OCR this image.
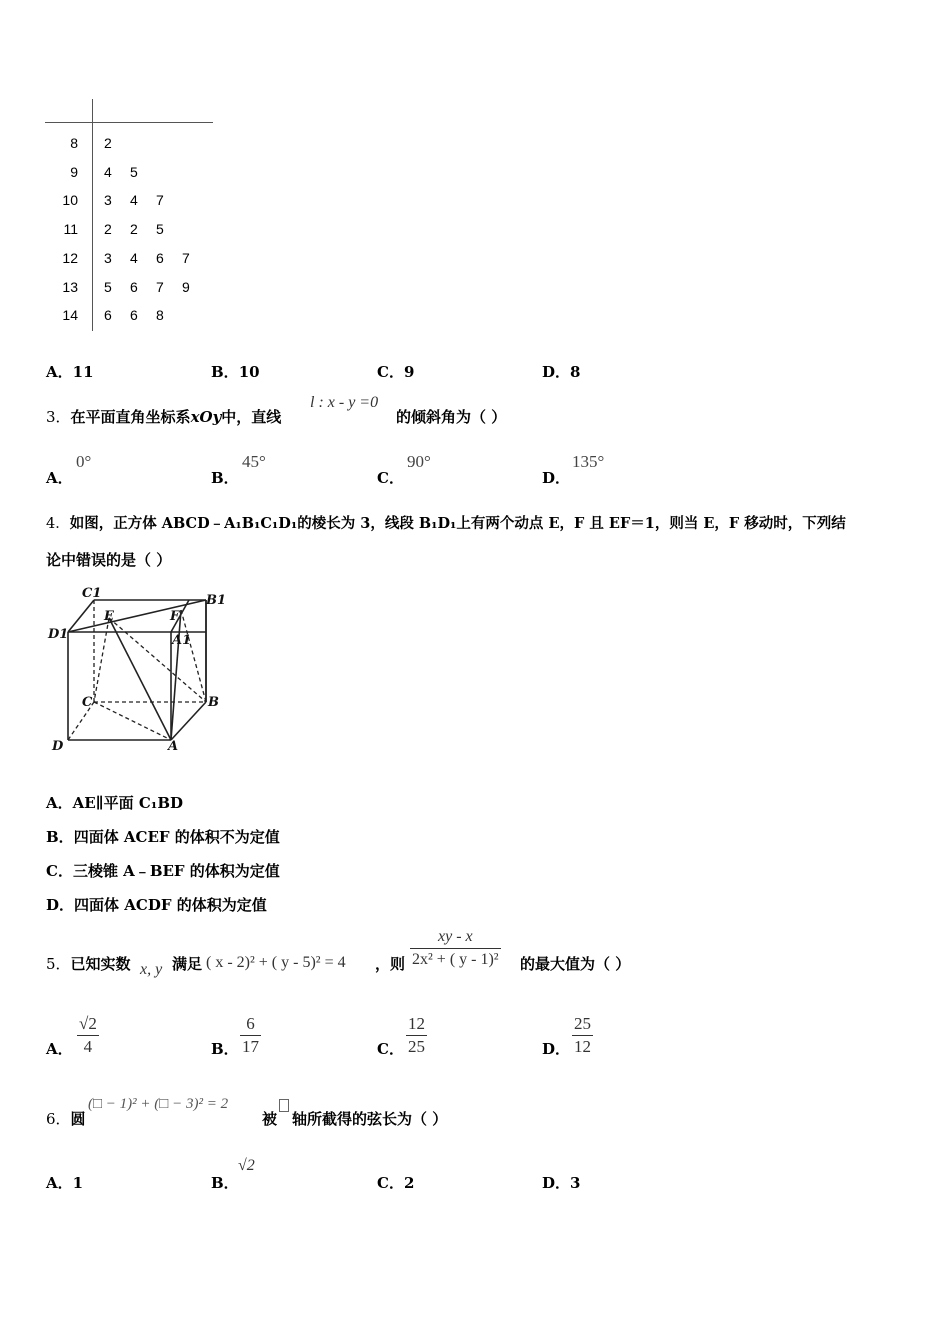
8 2
9 4 5
10 3 4 7
11 2 2 5
12 3 4 6 7
13 5 6 7 9
14 6 6 8
A．11	B．10	C．9	D．8
3．在平面直角坐标系xOy中，直线
l : x - y =0
的倾斜角为（ ）
A．
0°
B．
45°
C．
90°
D．
135°
4．如图，正方体 ABCD﹣A₁B₁C₁D₁的棱长为 3，线段 B₁D₁上有两个动点 E，F 且 EF＝1，则当 E，F 移动时，下列结
论中错误的是（ ）
C1	B1
D1	A1
E	F
C	B
D	A
A．AE∥平面 C₁BD
B．四面体 ACEF 的体积不为定值
C．三棱锥 A﹣BEF 的体积为定值
D．四面体 ACDF 的体积为定值
5．已知实数 x, y 满足 ( x - 2)² + ( y - 5)² = 4 ，则 $\frac{xy - x}{\text{2x² + ( y - 1)²}}$ 的最大值为（ ）
A． $\frac{√2}{4}$	B． $\frac{6}{17}$	C． $\frac{12}{25}$	D． $\frac{25}{12}$
6．圆
(□ − 1)² + (□ − 3)² = 2
被 轴所截得的弦长为（ ）
A．1	B．
√2
C．2	D．3
